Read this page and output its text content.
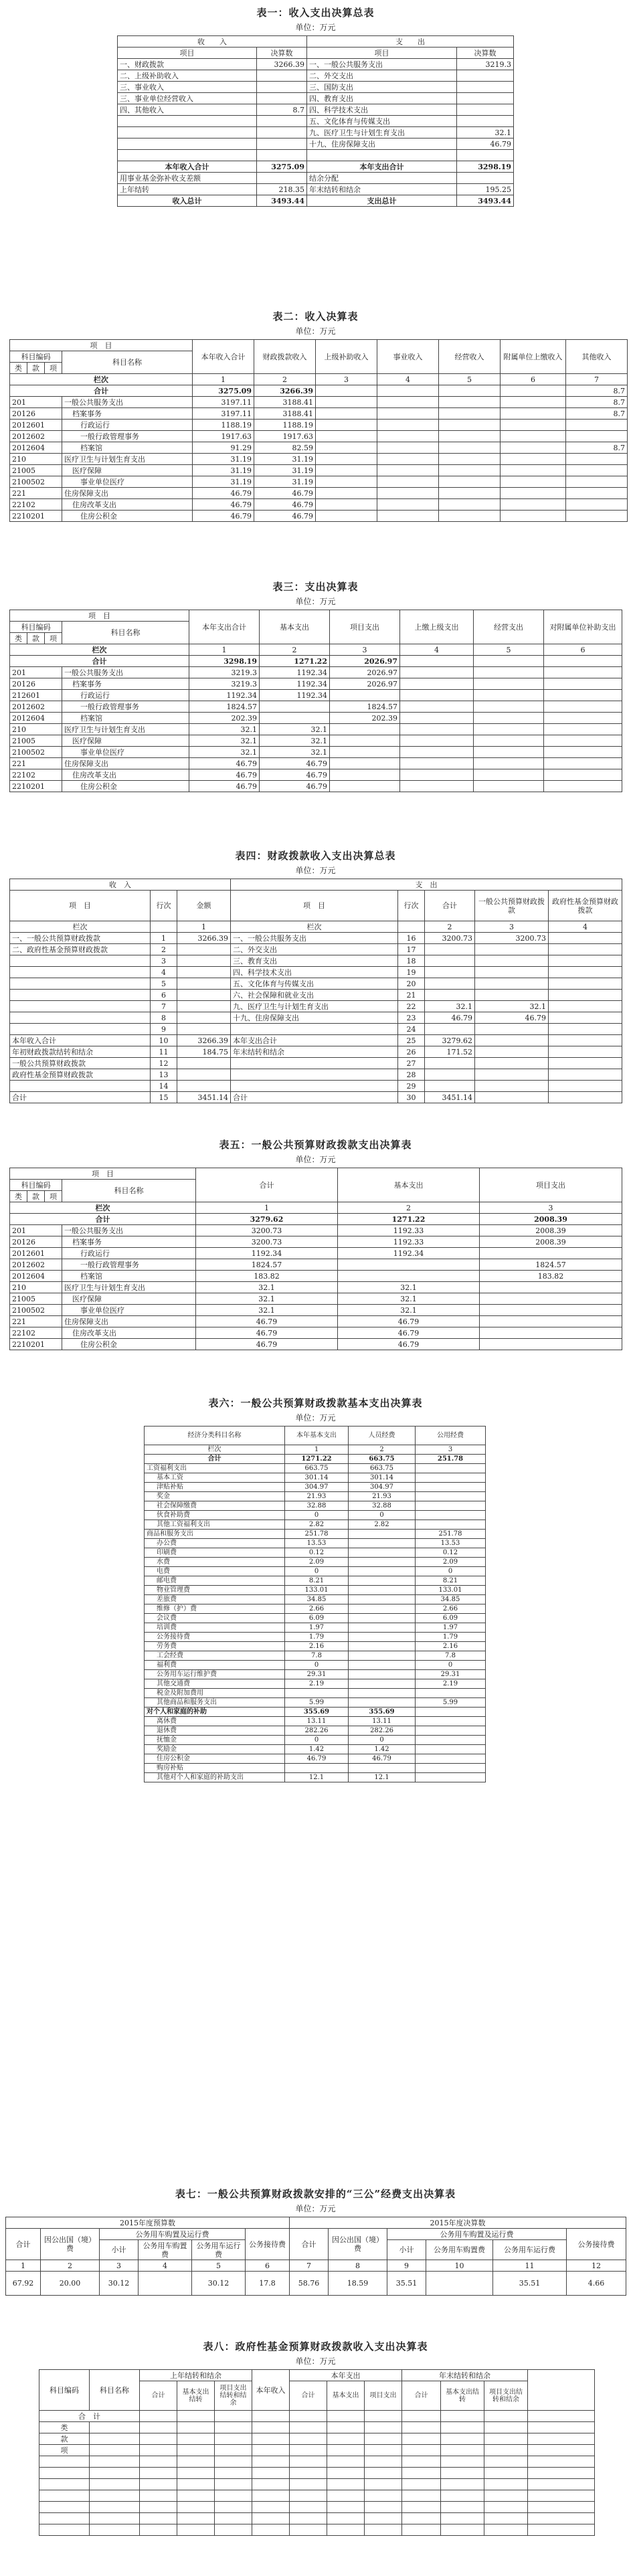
表一：收入支出决算总表
单位：万元
收　　入		支　　出	
项目	决算数	项目	决算数
一、财政拨款	3266.39	一、一般公共服务支出	3219.3
二、上级补助收入		二、外交支出	
三、事业收入		三、国防支出	
三、事业单位经营收入		四、教育支出	
四、其他收入	8.7	四、科学技术支出	
		五、文化体育与传媒支出	
		九、医疗卫生与计划生育支出	32.1
		十九、住房保障支出	46.79

本年收入合计	3275.09	本年支出合计	3298.19
用事业基金弥补收支差额		结余分配	
上年结转	218.35	年末结转和结余	195.25
收入总计	3493.44	支出总计	3493.44
表二：收入决算表
单位：万元
项　目				本年收入合计	财政拨款收入	上级补助收入	事业收入	经营收入	附属单位上缴收入	其他收入
科目编码			科目名称							
类	款	项								
栏次				1	2	3	4	5	6	7
合计				3275.09	3266.39					8.7
201			一般公共服务支出	3197.11	3188.41					8.7
20126			档案事务	3197.11	3188.41					8.7
2012601			行政运行	1188.19	1188.19					
2012602			一般行政管理事务	1917.63	1917.63					
2012604			档案馆	91.29	82.59					8.7
210			医疗卫生与计划生育支出	31.19	31.19					
21005			医疗保障	31.19	31.19					
2100502			事业单位医疗	31.19	31.19					
221			住房保障支出	46.79	46.79					
22102			住房改革支出	46.79	46.79					
2210201			住房公积金	46.79	46.79					
表三：支出决算表
单位：万元
项　目				本年支出合计	基本支出	项目支出	上缴上级支出	经营支出	对附属单位补助支出
科目编码			科目名称						
类	款	项							
栏次				1	2	3	4	5	6
合计				3298.19	1271.22	2026.97			
201			一般公共服务支出	3219.3	1192.34	2026.97			
20126			档案事务	3219.3	1192.34	2026.97			
212601			行政运行	1192.34	1192.34				
2012602			一般行政管理事务	1824.57		1824.57			
2012604			档案馆	202.39		202.39			
210			医疗卫生与计划生育支出	32.1	32.1				
21005			医疗保障	32.1	32.1				
2100502			事业单位医疗	32.1	32.1				
221			住房保障支出	46.79	46.79				
22102			住房改革支出	46.79	46.79				
2210201			住房公积金	46.79	46.79				
表四：财政拨款收入支出决算总表
单位：万元
收　入			支　出				
项　目	行次	金额	项　目	行次	合计	一般公共预算财政拨款	政府性基金预算财政拨款
栏次		1	栏次		2	3	4
一、一般公共预算财政拨款	1	3266.39	一、一般公共服务支出	16	3200.73	3200.73	
二、政府性基金预算财政拨款	2		二、外交支出	17			
	3		三、教育支出	18			
	4		四、科学技术支出	19			
	5		五、文化体育与传媒支出	20			
	6		六、社会保障和就业支出	21			
	7		九、医疗卫生与计划生育支出	22	32.1	32.1	
	8		十九、住房保障支出	23	46.79	46.79	
	9			24			
本年收入合计	10	3266.39	本年支出合计	25	3279.62		
年初财政拨款结转和结余	11	184.75	年末结转和结余	26	171.52		
一般公共预算财政拨款	12			27			
政府性基金预算财政拨款	13			28			
	14			29			
合计	15	3451.14	合计	30	3451.14		
表五：一般公共预算财政拨款支出决算表
单位：万元
项　目				合计	基本支出	项目支出
科目编码			科目名称			
类	款	项				
栏次				1	2	3
合计				3279.62	1271.22	2008.39
201			一般公共服务支出	3200.73	1192.33	2008.39
20126			档案事务	3200.73	1192.33	2008.39
2012601			行政运行	1192.34	1192.34	
2012602			一般行政管理事务	1824.57		1824.57
2012604			档案馆	183.82		183.82
210			医疗卫生与计划生育支出	32.1	32.1	
21005			医疗保障	32.1	32.1	
2100502			事业单位医疗	32.1	32.1	
221			住房保障支出	46.79	46.79	
22102			住房改革支出	46.79	46.79	
2210201			住房公积金	46.79	46.79	
表六：一般公共预算财政拨款基本支出决算表
单位：万元
经济分类科目名称	本年基本支出	人员经费	公用经费
栏次	1	2	3
合计	1271.22	663.75	251.78
工资福利支出	663.75	663.75	
基本工资	301.14	301.14	
津贴补贴	304.97	304.97	
奖金	21.93	21.93	
社会保障缴费	32.88	32.88	
伙食补助费	0	0	
其他工资福利支出	2.82	2.82	
商品和服务支出	251.78		251.78
办公费	13.53		13.53
印刷费	0.12		0.12
水费	2.09		2.09
电费	0		0
邮电费	8.21		8.21
物业管理费	133.01		133.01
差旅费	34.85		34.85
维修（护）费	2.66		2.66
会议费	6.09		6.09
培训费	1.97		1.97
公务接待费	1.79		1.79
劳务费	2.16		2.16
工会经费	7.8		7.8
福利费	0		0
公务用车运行维护费	29.31		29.31
其他交通费	2.19		2.19
税金及附加费用			
其他商品和服务支出	5.99		5.99
对个人和家庭的补助	355.69	355.69	
离休费	13.11	13.11	
退休费	282.26	282.26	
抚恤金	0	0	
奖励金	1.42	1.42	
住房公积金	46.79	46.79	
购房补贴			
其他对个人和家庭的补助支出	12.1	12.1	
表七：一般公共预算财政拨款安排的“三公”经费支出决算表
单位：万元
2015年度预算数						2015年度决算数					
合计	因公出国（境）费	公务用车购置及运行费			公务接待费	合计	因公出国（境）费	公务用车购置及运行费			公务接待费
		小计	公务用车购置费	公务用车运行费				小计	公务用车购置费	公务用车运行费	
1	2	3	4	5	6	7	8	9	10	11	12
67.92	20.00	30.12		30.12	17.8	58.76	18.59	35.51		35.51	4.66
表八：政府性基金预算财政拨款收入支出决算表
单位：万元
科目编码	科目名称	上年结转和结余			本年收入	本年支出			年末结转和结余			
		合计	基本支出结转	项目支出结转和结余		合计	基本支出	项目支出	合计	基本支出结转	项目支出结转和结余	
合　计												
类												
款												
项												
